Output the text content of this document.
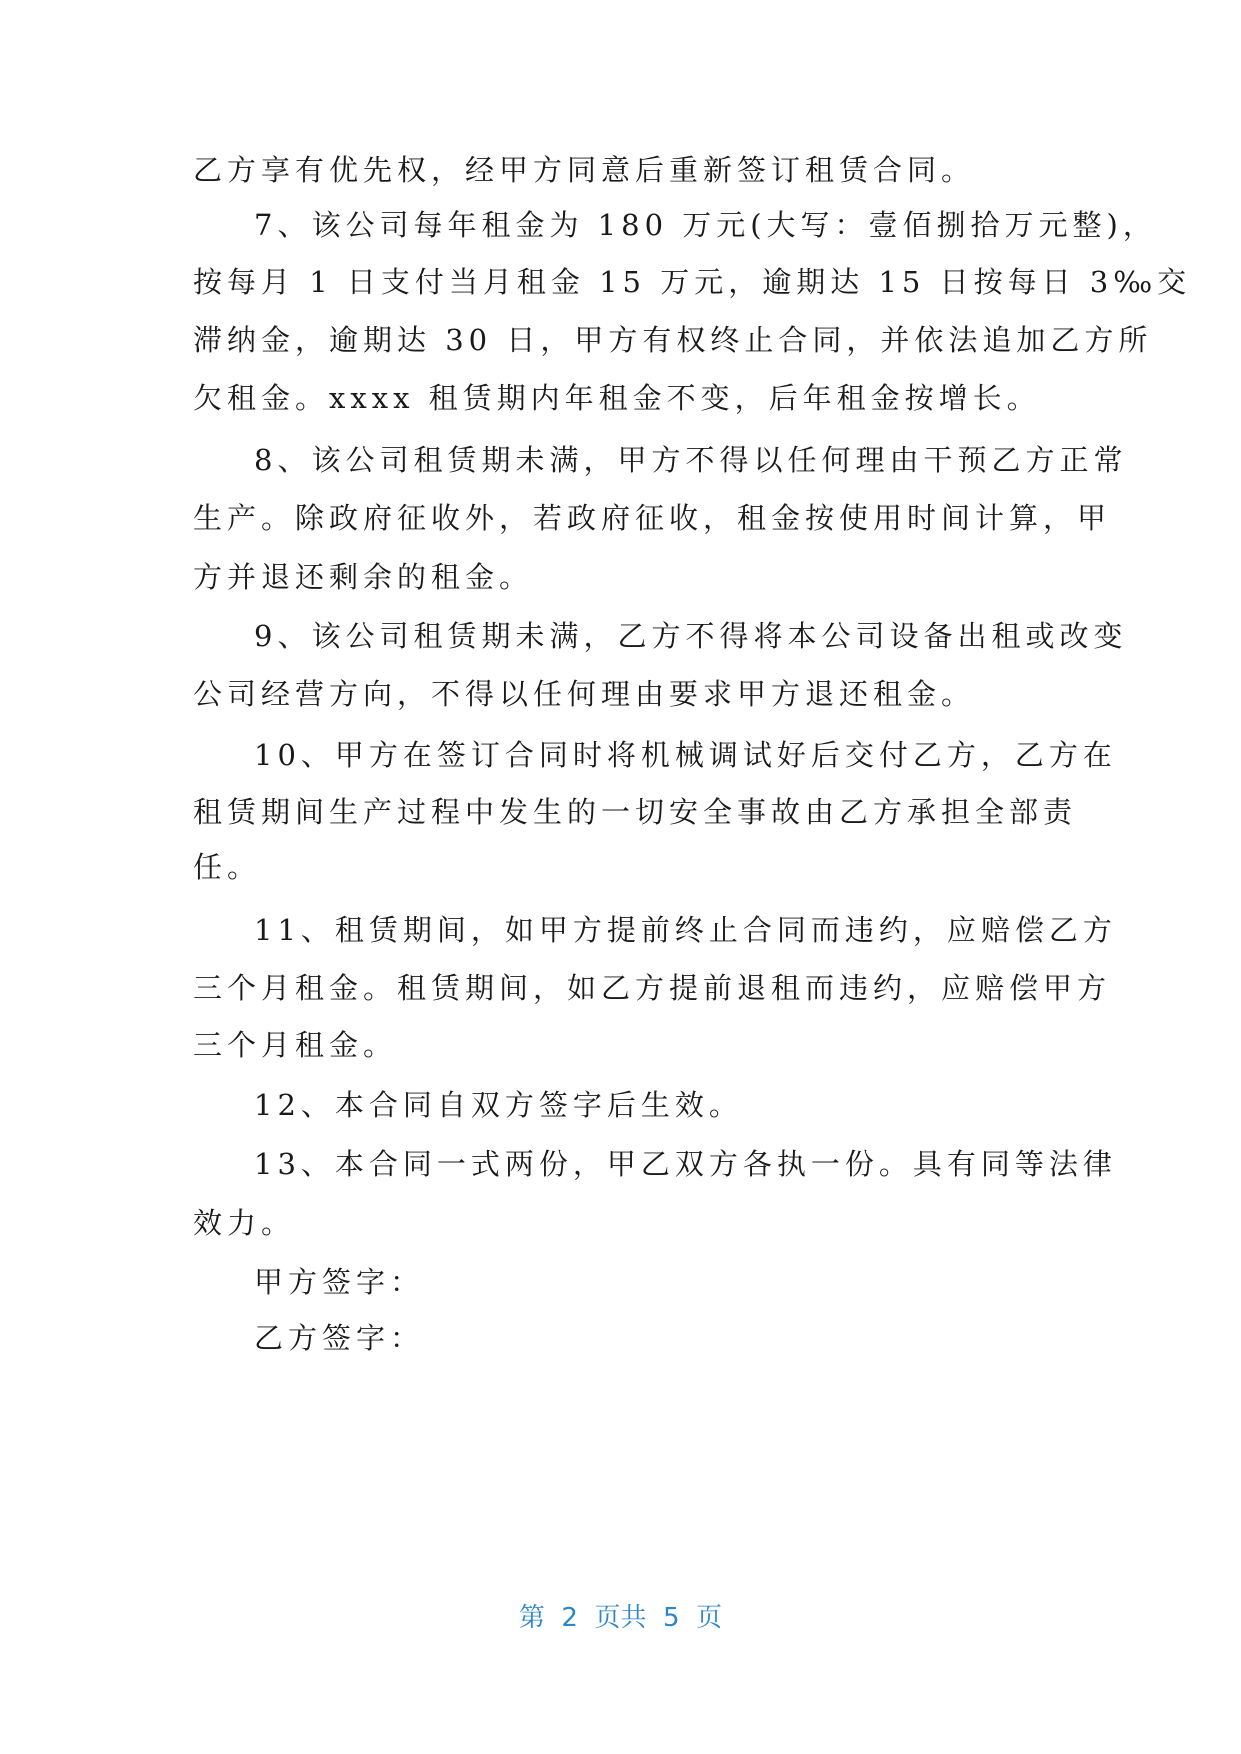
乙方享有优先权，经甲方同意后重新签订租赁合同。

7、该公司每年租金为 180 万元(大写：壹佰捌拾万元整)，

按每月 1 日支付当月租金 15 万元，逾期达 15 日按每日 3‰交

滞纳金，逾期达 30 日，甲方有权终止合同，并依法追加乙方所

欠租金。xxxx 租赁期内年租金不变，后年租金按增长。

8、该公司租赁期未满，甲方不得以任何理由干预乙方正常

生产。除政府征收外，若政府征收，租金按使用时间计算，甲

方并退还剩余的租金。

9、该公司租赁期未满，乙方不得将本公司设备出租或改变

公司经营方向，不得以任何理由要求甲方退还租金。

10、甲方在签订合同时将机械调试好后交付乙方，乙方在

租赁期间生产过程中发生的一切安全事故由乙方承担全部责

任。

11、租赁期间，如甲方提前终止合同而违约，应赔偿乙方

三个月租金。租赁期间，如乙方提前退租而违约，应赔偿甲方

三个月租金。

12、本合同自双方签字后生效。

13、本合同一式两份，甲乙双方各执一份。具有同等法律

效力。

甲方签字：

乙方签字：

第  2  页共  5  页
